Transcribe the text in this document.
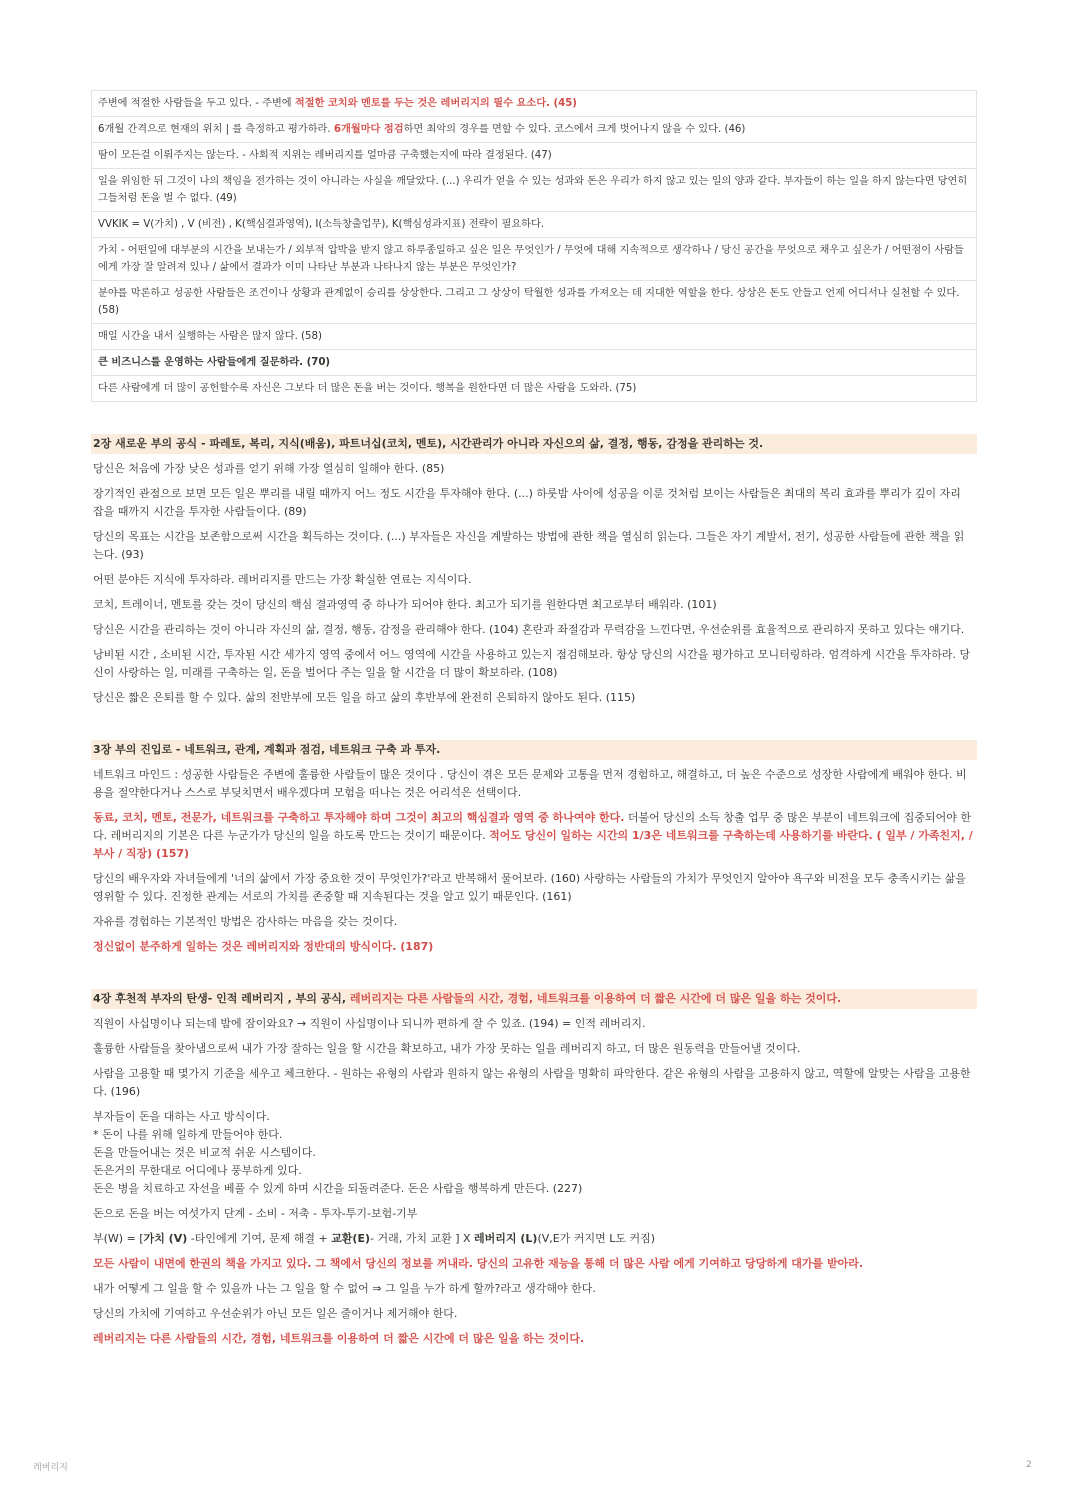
주변에 적절한 사람들을 두고 있다. - 주변에 적절한 코치와 멘토를 두는 것은 레버리지의 필수 요소다. (45)
6개월 간격으로 현재의 위치 | 를 측정하고 평가하라. 6개월마다 점검하면 최악의 경우를 면할 수 있다. 코스에서 크게 벗어나지 않을 수 있다. (46)
땀이 모든걸 이뤄주지는 않는다. - 사회적 지위는 레버리지를 얼마큼 구축했는지에 따라 결정된다. (47)
일을 위임한 뒤 그것이 나의 책임을 전가하는 것이 아니라는 사실을 깨달았다. (...) 우리가 얻을 수 있는 성과와 돈은 우리가 하지 않고 있는 일의 양과 같다. 부자들이 하는 일을 하지 않는다면 당연히 그들처럼 돈을 벌 수 없다. (49)
VVKIK = V(가치) , V (비전) , K(핵심결과영역), I(소득창출업무), K(핵심성과지표) 전략이 필요하다.
가치 - 어떤일에 대부분의 시간을 보내는가 / 외부적 압박을 받지 않고 하루종일하고 싶은 일은 무엇인가 / 무엇에 대해 지속적으로 생각하나 / 당신 공간을 무엇으로 채우고 싶은가 / 어떤점이 사람들에게 가장 잘 알려져 있나 / 삶에서 결과가 이미 나타난 부분과 나타나지 않는 부분은 무엇인가?
분야를 막론하고 성공한 사람들은 조건이나 상황과 관계없이 승리를 상상한다. 그리고 그 상상이 탁월한 성과를 가져오는 데 지대한 역할을 한다. 상상은 돈도 안들고 언제 어디서나 실천할 수 있다. (58)
매일 시간을 내서 실행하는 사람은 많지 않다. (58)
큰 비즈니스를 운영하는 사람들에게 질문하라. (70)
다른 사람에게 더 많이 공헌할수록 자신은 그보다 더 많은 돈을 버는 것이다. 행복을 원한다면 더 많은 사람을 도와라. (75)
2장 새로운 부의 공식 - 파레토, 복리, 지식(배움), 파트너십(코치, 멘토), 시간관리가 아니라 자신으의 삶, 결정, 행동, 감정을 관리하는 것.
당신은 처음에 가장 낮은 성과를 얻기 위해 가장 열심히 일해야 한다. (85)
장기적인 관점으로 보면 모든 일은 뿌리를 내릴 때까지 어느 정도 시간을 투자해야 한다. (...) 하룻밤 사이에 성공을 이룬 것처럼 보이는 사람들은 최대의 복리 효과를 뿌리가 깊이 자리 잡을 때까지 시간을 투자한 사람들이다. (89)
당신의 목표는 시간을 보존함으로써 시간을 획득하는 것이다. (...) 부자들은 자신을 계발하는 방법에 관한 책을 열심히 읽는다. 그들은 자기 계발서, 전기, 성공한 사람들에 관한 책을 읽는다. (93)
어떤 분야든 지식에 투자하라. 레버리지를 만드는 가장 확실한 연료는 지식이다.
코치, 트레이너, 멘토를 갖는 것이 당신의 핵심 결과영역 중 하나가 되어야 한다. 최고가 되기를 원한다면 최고로부터 배워라. (101)
당신은 시간을 관리하는 것이 아니라 자신의 삶, 결정, 행동, 감정을 관리해야 한다. (104) 혼란과 좌절감과 무력감을 느낀다면, 우선순위를 효율적으로 관리하지 못하고 있다는 얘기다.
낭비된 시간 , 소비된 시간, 투자된 시간 세가지 영역 중에서 어느 영역에 시간을 사용하고 있는지 점검해보라. 항상 당신의 시간을 평가하고 모니터링하라. 엄격하게 시간을 투자하라. 당신이 사랑하는 일, 미래를 구축하는 일, 돈을 벌어다 주는 일을 할 시간을 더 많이 확보하라. (108)
당신은 짧은 은퇴를 할 수 있다. 삶의 전반부에 모든 일을 하고 삶의 후반부에 완전히 은퇴하지 않아도 된다. (115)
3장 부의 진입로 - 네트워크, 관계, 계획과 점검, 네트워크 구축 과 투자.
네트워크 마인드 : 성공한 사람들은 주변에 훌륭한 사람들이 많은 것이다 . 당신이 겪은 모든 문제와 고통을 먼저 경험하고, 해결하고, 더 높은 수준으로 성장한 사람에게 배워야 한다. 비용을 절약한다거나 스스로 부딪치면서 배우겠다며 모험을 떠나는 것은 어리석은 선택이다.
동료, 코치, 멘토, 전문가, 네트워크를 구축하고 투자해야 하며 그것이 최고의 핵심결과 영역 중 하나여야 한다. 더불어 당신의 소득 창출 업무 중 많은 부분이 네트워크에 집중되어야 한다. 레버리지의 기본은 다른 누군가가 당신의 일을 하도록 만드는 것이기 때문이다. 적어도 당신이 일하는 시간의 1/3은 네트워크를 구축하는데 사용하기를 바란다. ( 일부 / 가족친지, / 부사 / 직장) (157)
당신의 배우자와 자녀들에게 '너의 삶에서 가장 중요한 것이 무엇인가?'라고 반복해서 물어보라. (160) 사랑하는 사람들의 가치가 무엇인지 알아야 욕구와 비전을 모두 충족시키는 삶을 영위할 수 있다. 진정한 관계는 서로의 가치를 존중할 때 지속된다는 것을 알고 있기 때문인다. (161)
자유를 경험하는 기본적인 방법은 감사하는 마음을 갖는 것이다.
정신없이 분주하게 일하는 것은 레버리지와 정반대의 방식이다. (187)
4장 후천적 부자의 탄생- 인적 레버리지 , 부의 공식, 레버리지는 다른 사람들의 시간, 경험, 네트워크를 이용하여 더 짧은 시간에 더 많은 일을 하는 것이다.
직원이 사십명이나 되는데 밤에 잠이와요? → 직원이 사십명이나 되니까 편하게 잘 수 있죠. (194) = 인적 레버리지.
훌륭한 사람들을 찾아냄으로써 내가 가장 잘하는 일을 할 시간을 확보하고, 내가 가장 못하는 일을 레버리지 하고, 더 많은 원동력을 만들어낼 것이다.
사람을 고용할 때 몇가지 기준을 세우고 체크한다. - 원하는 유형의 사람과 원하지 않는 유형의 사람을 명확히 파악한다. 같은 유형의 사람을 고용하지 않고, 역할에 알맞는 사람을 고용한다. (196)
부자들이 돈을 대하는 사고 방식이다.
* 돈이 나를 위해 일하게 만들어야 한다.
돈을 만들어내는 것은 비교적 쉬운 시스템이다.
돈은거의 무한대로 어디에나 풍부하게 있다.
돈은 병을 치료하고 자선을 베풀 수 있게 하며 시간을 되돌려준다. 돈은 사람을 행복하게 만든다. (227)
돈으로 돈을 버는 여섯가지 단계 - 소비 - 저축 - 투자-투기-보험-기부
부(W) = [가치 (V) -타인에게 기여, 문제 해결 + 교환(E)- 거래, 가치 교환 ] X 레버리지 (L)(V,E가 커지면 L도 커짐)
모든 사람이 내면에 한권의 책을 가지고 있다. 그 책에서 당신의 정보를 꺼내라. 당신의 고유한 재능을 통해 더 많은 사람 에게 기여하고 당당하게 대가를 받아라.
내가 어떻게 그 일을 할 수 있을까 나는 그 일을 할 수 없어 ⇒ 그 일을 누가 하게 할까?라고 생각해야 한다.
당신의 가치에 기여하고 우선순위가 아닌 모든 일은 줄이거나 제거해야 한다.
레버리지는 다른 사람들의 시간, 경험, 네트워크를 이용하여 더 짧은 시간에 더 많은 일을 하는 것이다.
레버리지	2
